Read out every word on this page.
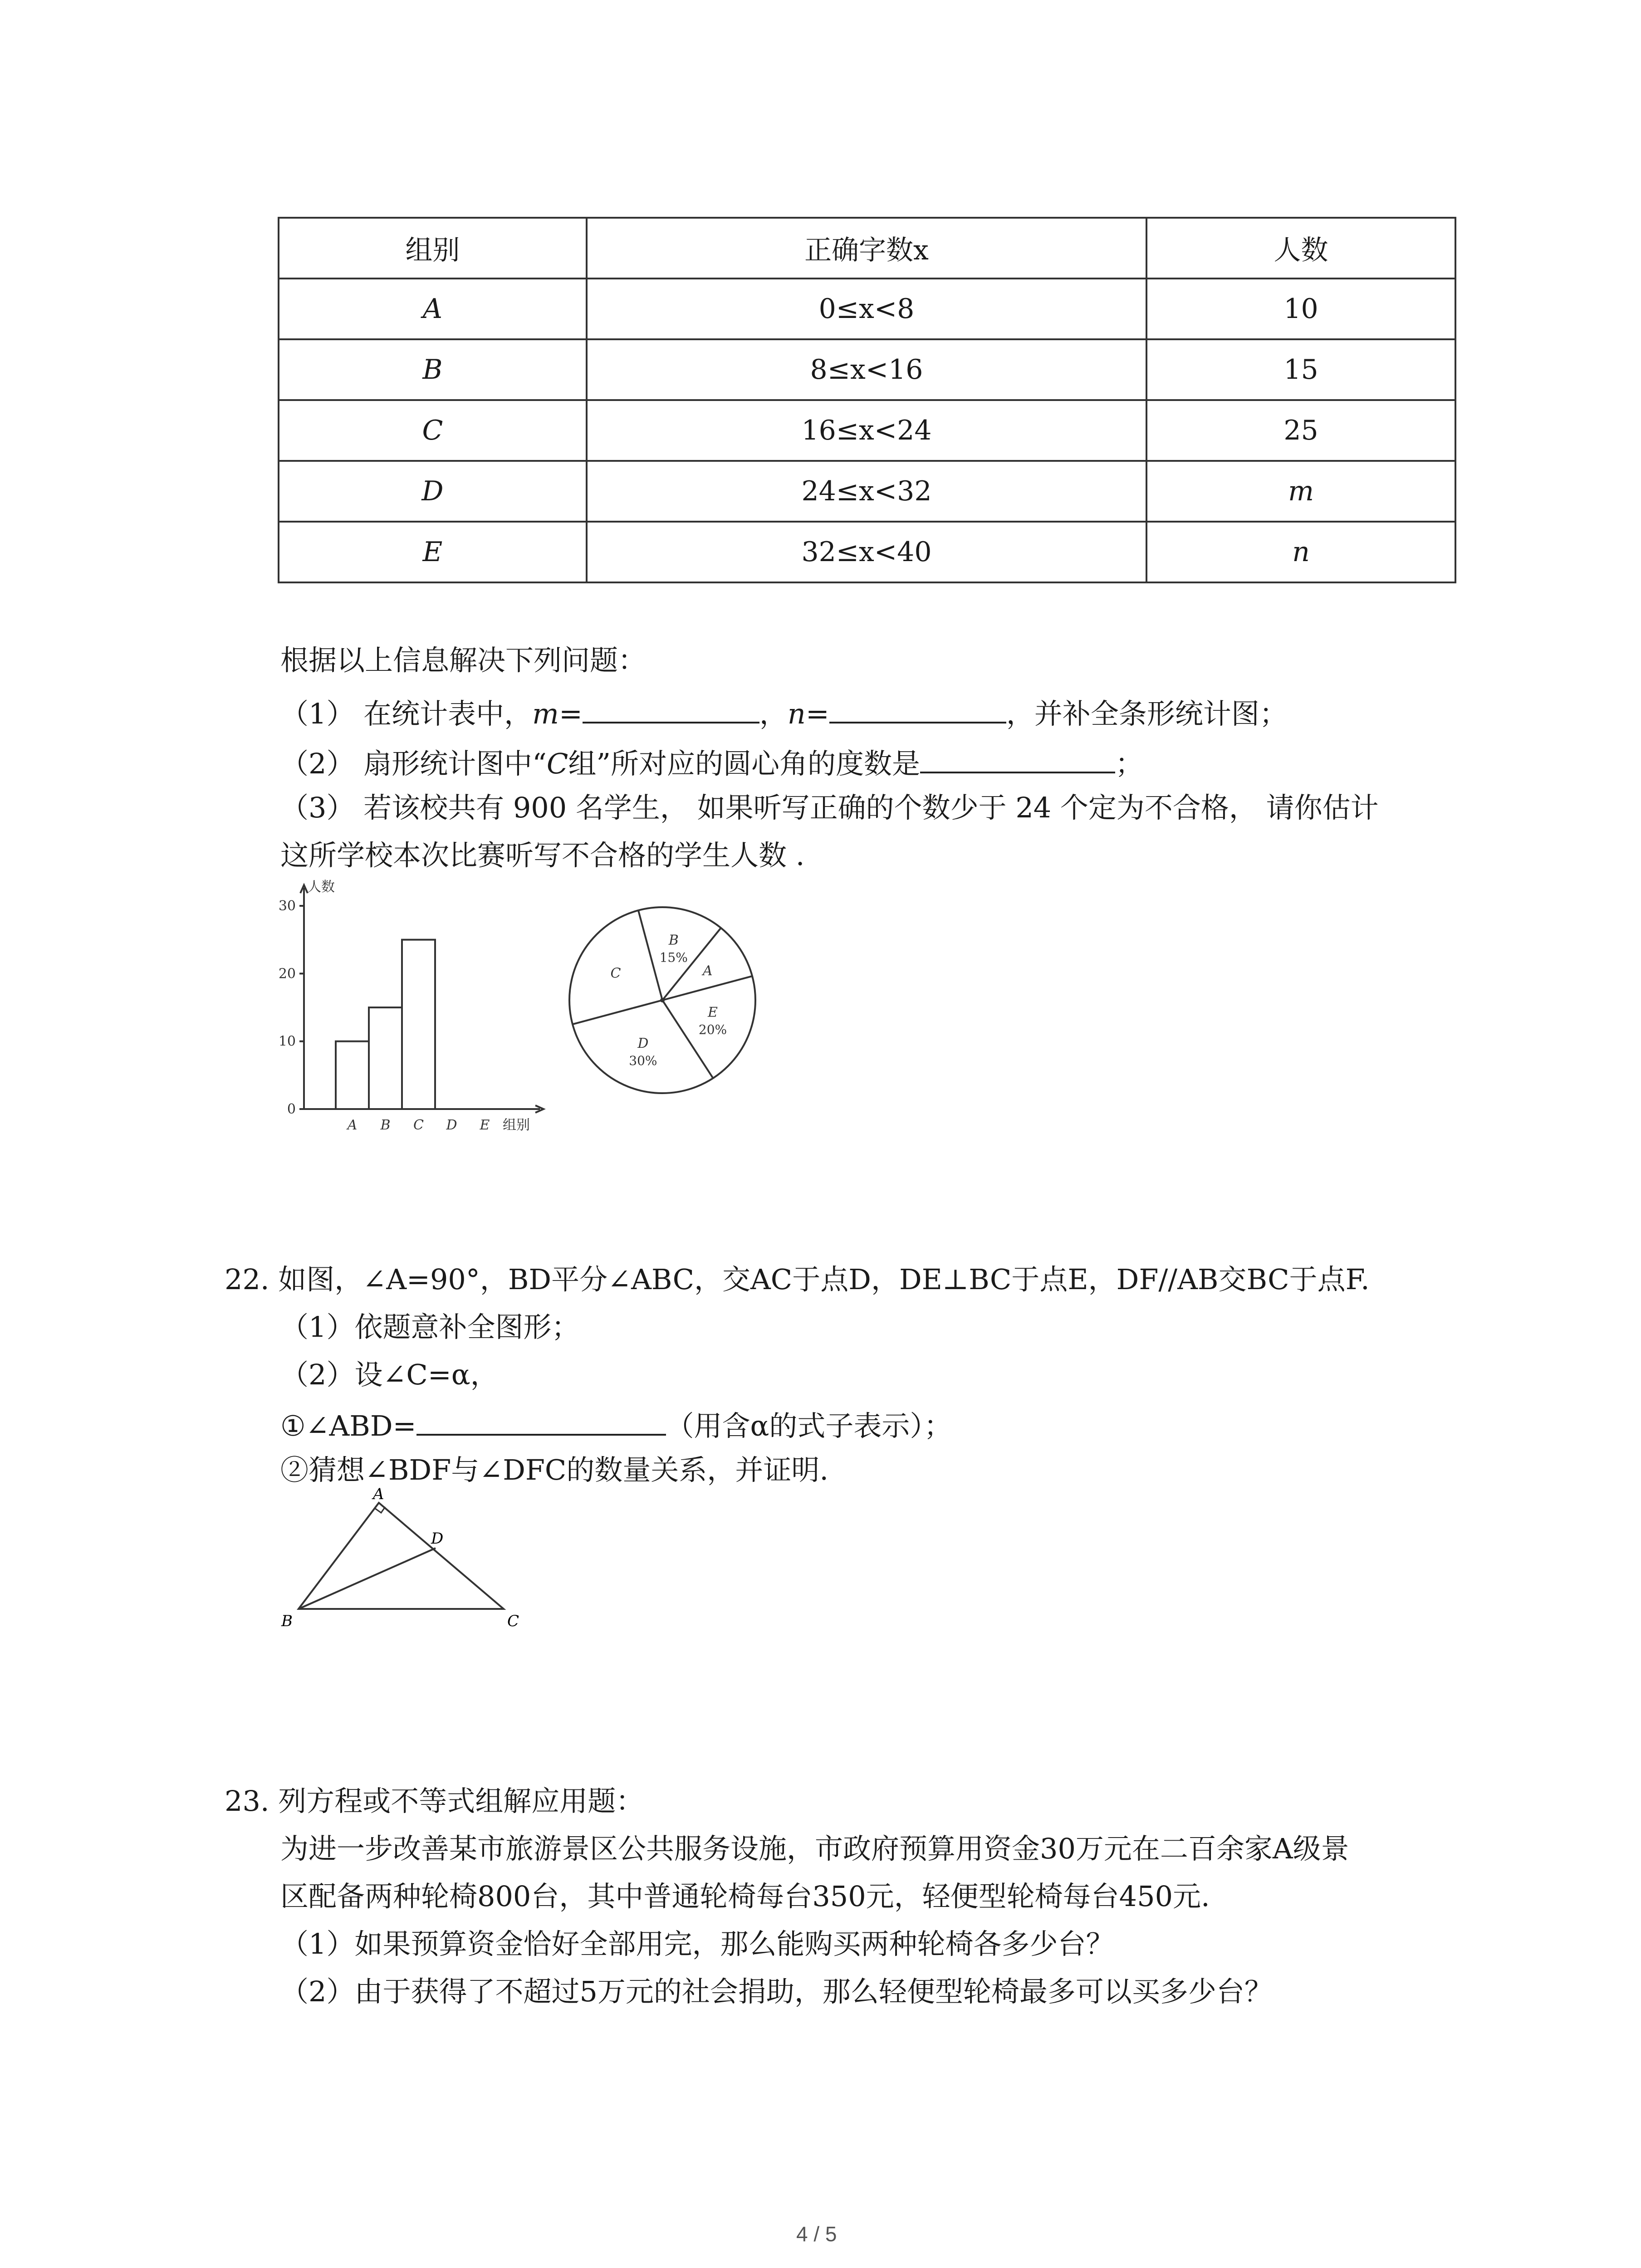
组别	正确字数x	人数
A	0≤x<8	10
B	8≤x<16	15
C	16≤x<24	25
D	24≤x<32	m
E	32≤x<40	n
根据以上信息解决下列问题：
（1） 在统计表中，m=	，n=	，并补全条形统计图；
（2） 扇形统计图中“C组”所对应的圆心角的度数是	；
（3） 若该校共有 900 名学生， 如果听写正确的个数少于 24 个定为不合格， 请你估计
这所学校本次比赛听写不合格的学生人数 .
0
10
20
30
人数
组别
A B C D E
B
15%
A
E
20%
D
30%
C
22. 如图，∠A=90°，BD平分∠ABC，交AC于点D，DE⊥BC于点E，DF//AB交BC于点F.
（1）依题意补全图形；
（2）设∠C=α，
①∠ABD=	（用含α的式子表示）；
②猜想∠BDF与∠DFC的数量关系，并证明.
A
B	C
D
23. 列方程或不等式组解应用题：
为进一步改善某市旅游景区公共服务设施，市政府预算用资金30万元在二百余家A级景
区配备两种轮椅800台，其中普通轮椅每台350元，轻便型轮椅每台450元.
（1）如果预算资金恰好全部用完，那么能购买两种轮椅各多少台？
（2）由于获得了不超过5万元的社会捐助，那么轻便型轮椅最多可以买多少台？
4 / 5
